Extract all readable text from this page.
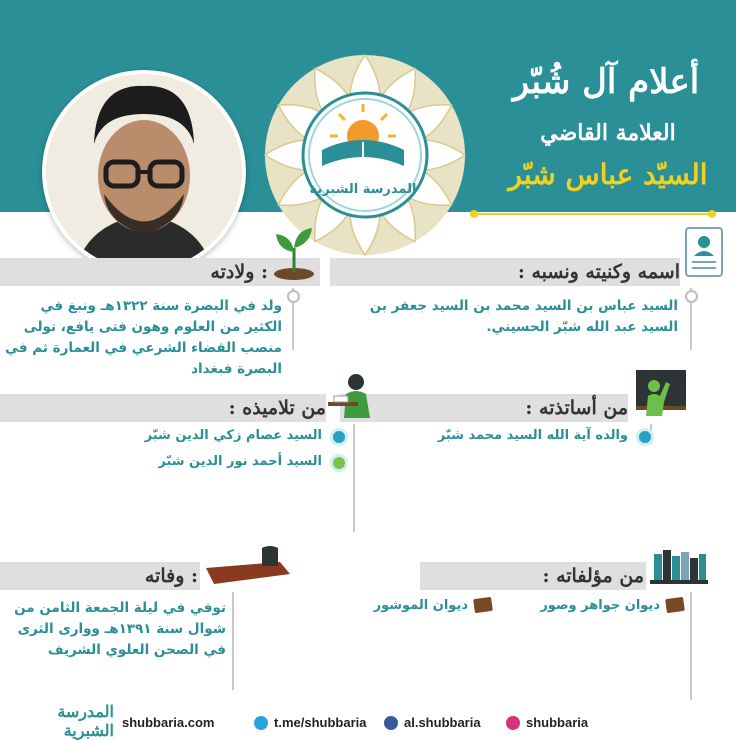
المدرسة الشبرية
أعلام آل شُبّر
العلامة القاضي
السيّد عباس شبّر
اسمه وكنيته ونسبه :
: ولادته
السيد عباس بن السيد محمد بن السيد جعفر بن السيد عبد الله شبّر الحسيني.
ولد في البصرة سنة ١٣٢٢هـ ونبغ في الكثير من العلوم وهون فتى يافع، تولى منصب القضاء الشرعي في العمارة ثم في البصرة فبغداد
من أساتذته :
من تلاميذه :
والده آية الله السيد محمد شبّر
السيد عصام زكي الدين شبّر
السيد أحمد نور الدين شبّر
من مؤلفاته :
: وفاته
ديوان جواهر وصور
ديوان الموشور
توفي في ليلة الجمعة الثامن من شوال سنة ١٣٩١هـ ووارى الثرى في الصحن العلوي الشريف
المدرسة الشبرية shubbaria.com	t.me/shubbaria	al.shubbaria	shubbaria
